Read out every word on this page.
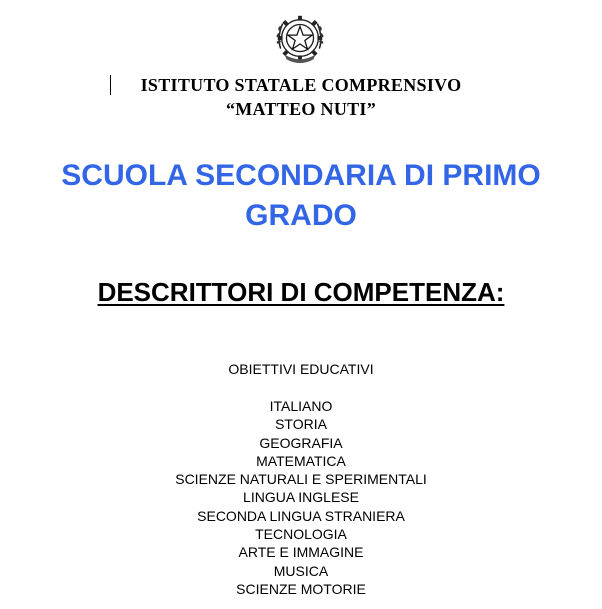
ISTITUTO STATALE COMPRENSIVO
“MATTEO NUTI”
SCUOLA SECONDARIA DI PRIMO
GRADO
DESCRITTORI DI COMPETENZA:
OBIETTIVI EDUCATIVI
ITALIANO
STORIA
GEOGRAFIA
MATEMATICA
SCIENZE NATURALI E SPERIMENTALI
LINGUA INGLESE
SECONDA LINGUA STRANIERA
TECNOLOGIA
ARTE E IMMAGINE
MUSICA
SCIENZE MOTORIE
